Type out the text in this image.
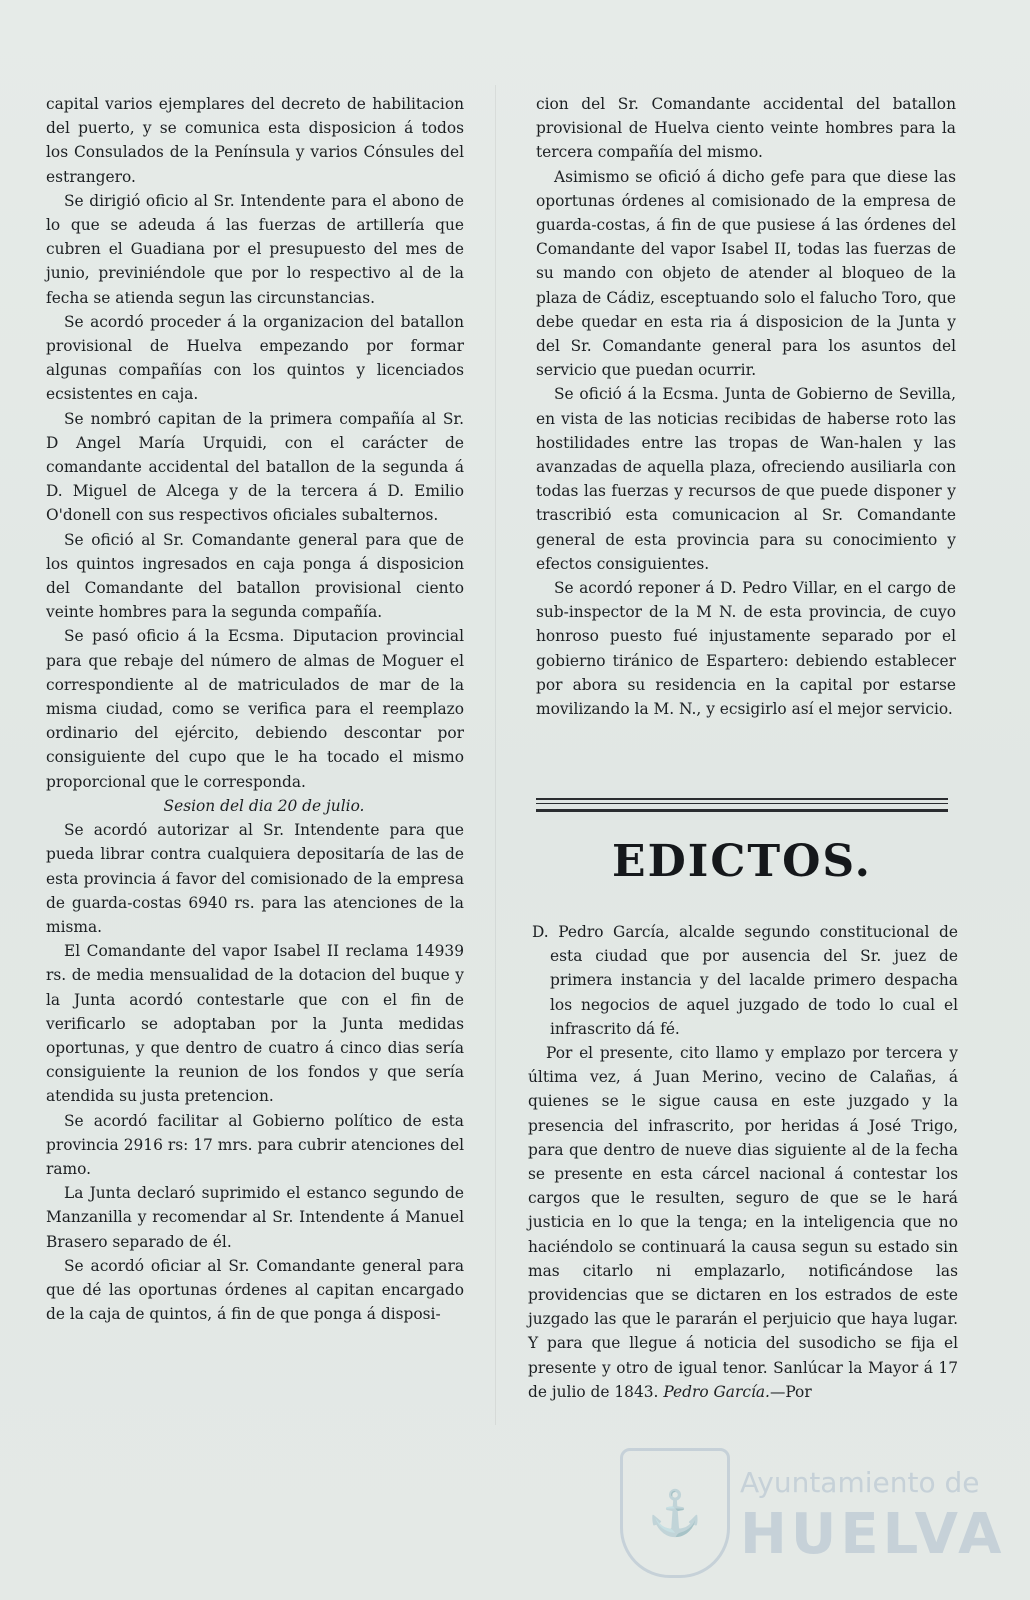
capital varios ejemplares del decreto de habilitacion del puerto, y se comunica esta disposicion á todos los Consulados de la Península y varios Cónsules del estrangero.

Se dirigió oficio al Sr. Intendente para el abono de lo que se adeuda á las fuerzas de artillería que cubren el Guadiana por el presupuesto del mes de junio, previniéndole que por lo respectivo al de la fecha se atienda segun las circunstancias.

Se acordó proceder á la organizacion del batallon provisional de Huelva empezando por formar algunas compañías con los quintos y licenciados ecsistentes en caja.

Se nombró capitan de la primera compañía al Sr. D Angel María Urquidi, con el carácter de comandante accidental del batallon de la segunda á D. Miguel de Alcega y de la tercera á D. Emilio O'donell con sus respectivos oficiales subalternos.

Se ofició al Sr. Comandante general para que de los quintos ingresados en caja ponga á disposicion del Comandante del batallon provisional ciento veinte hombres para la segunda compañía.

Se pasó oficio á la Ecsma. Diputacion provincial para que rebaje del número de almas de Moguer el correspondiente al de matriculados de mar de la misma ciudad, como se verifica para el reemplazo ordinario del ejército, debiendo descontar por consiguiente del cupo que le ha tocado el mismo proporcional que le corresponda.

Sesion del dia 20 de julio.

Se acordó autorizar al Sr. Intendente para que pueda librar contra cualquiera depositaría de las de esta provincia á favor del comisionado de la empresa de guarda-costas 6940 rs. para las atenciones de la misma.

El Comandante del vapor Isabel II reclama 14939 rs. de media mensualidad de la dotacion del buque y la Junta acordó contestarle que con el fin de verificarlo se adoptaban por la Junta medidas oportunas, y que dentro de cuatro á cinco dias sería consiguiente la reunion de los fondos y que sería atendida su justa pretencion.

Se acordó facilitar al Gobierno político de esta provincia 2916 rs: 17 mrs. para cubrir atenciones del ramo.

La Junta declaró suprimido el estanco segundo de Manzanilla y recomendar al Sr. Intendente á Manuel Brasero separado de él.

Se acordó oficiar al Sr. Comandante general para que dé las oportunas órdenes al capitan encargado de la caja de quintos, á fin de que ponga á disposi-

cion del Sr. Comandante accidental del batallon provisional de Huelva ciento veinte hombres para la tercera compañía del mismo.

Asimismo se ofició á dicho gefe para que diese las oportunas órdenes al comisionado de la empresa de guarda-costas, á fin de que pusiese á las órdenes del Comandante del vapor Isabel II, todas las fuerzas de su mando con objeto de atender al bloqueo de la plaza de Cádiz, esceptuando solo el falucho Toro, que debe quedar en esta ria á disposicion de la Junta y del Sr. Comandante general para los asuntos del servicio que puedan ocurrir.

Se ofició á la Ecsma. Junta de Gobierno de Sevilla, en vista de las noticias recibidas de haberse roto las hostilidades entre las tropas de Wan-halen y las avanzadas de aquella plaza, ofreciendo ausiliarla con todas las fuerzas y recursos de que puede disponer y trascribió esta comunicacion al Sr. Comandante general de esta provincia para su conocimiento y efectos consiguientes.

Se acordó reponer á D. Pedro Villar, en el cargo de sub-inspector de la M N. de esta provincia, de cuyo honroso puesto fué injustamente separado por el gobierno tiránico de Espartero: debiendo establecer por abora su residencia en la capital por estarse movilizando la M. N., y ecsigirlo así el mejor servicio.

EDICTOS.

D. Pedro García, alcalde segundo constitucional de esta ciudad que por ausencia del Sr. juez de primera instancia y del lacalde primero despacha los negocios de aquel juzgado de todo lo cual el infrascrito dá fé.

Por el presente, cito llamo y emplazo por tercera y última vez, á Juan Merino, vecino de Calañas, á quienes se le sigue causa en este juzgado y la presencia del infrascrito, por heridas á José Trigo, para que dentro de nueve dias siguiente al de la fecha se presente en esta cárcel nacional á contestar los cargos que le resulten, seguro de que se le hará justicia en lo que la tenga; en la inteligencia que no haciéndolo se continuará la causa segun su estado sin mas citarlo ni emplazarlo, notificándose las providencias que se dictaren en los estrados de este juzgado las que le pararán el perjuicio que haya lugar. Y para que llegue á noticia del susodicho se fija el presente y otro de igual tenor. Sanlúcar la Mayor á 17 de julio de 1843. Pedro García.—Por

⚓
Ayuntamiento de
HUELVA
